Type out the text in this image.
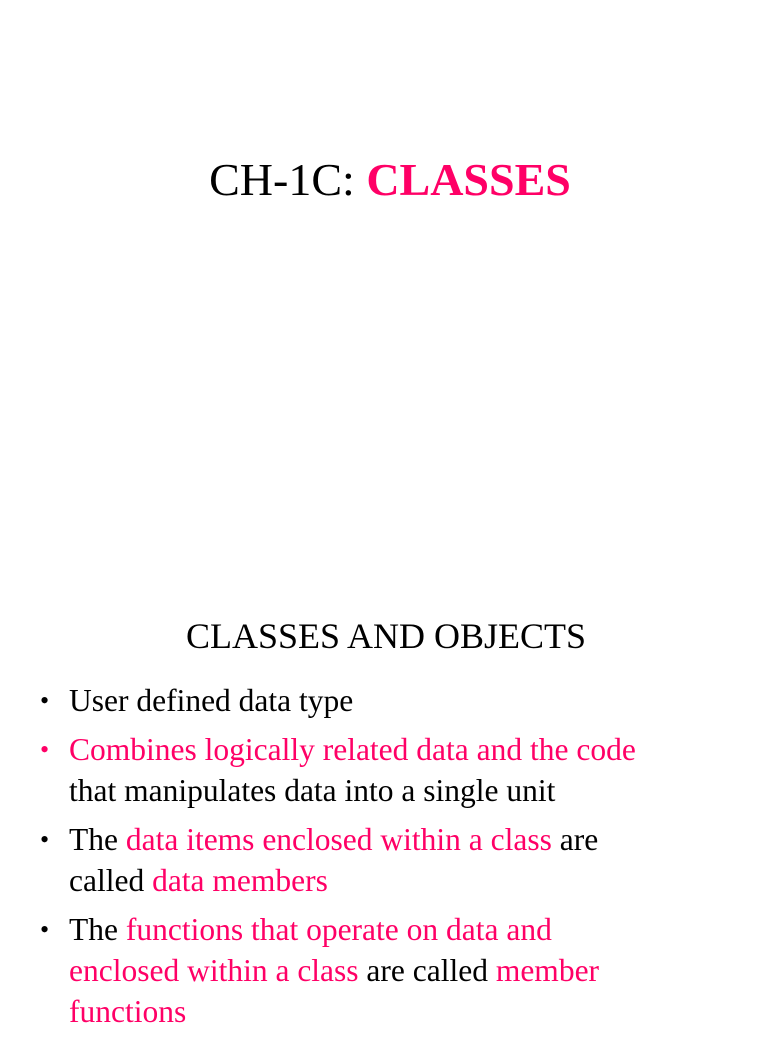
CH-1C: CLASSES
CLASSES AND OBJECTS
• User defined data type
• Combines logically related data and the code
that manipulates data into a single unit
• The data items enclosed within a class are
called data members
• The functions that operate on data and
enclosed within a class are called member
functions
